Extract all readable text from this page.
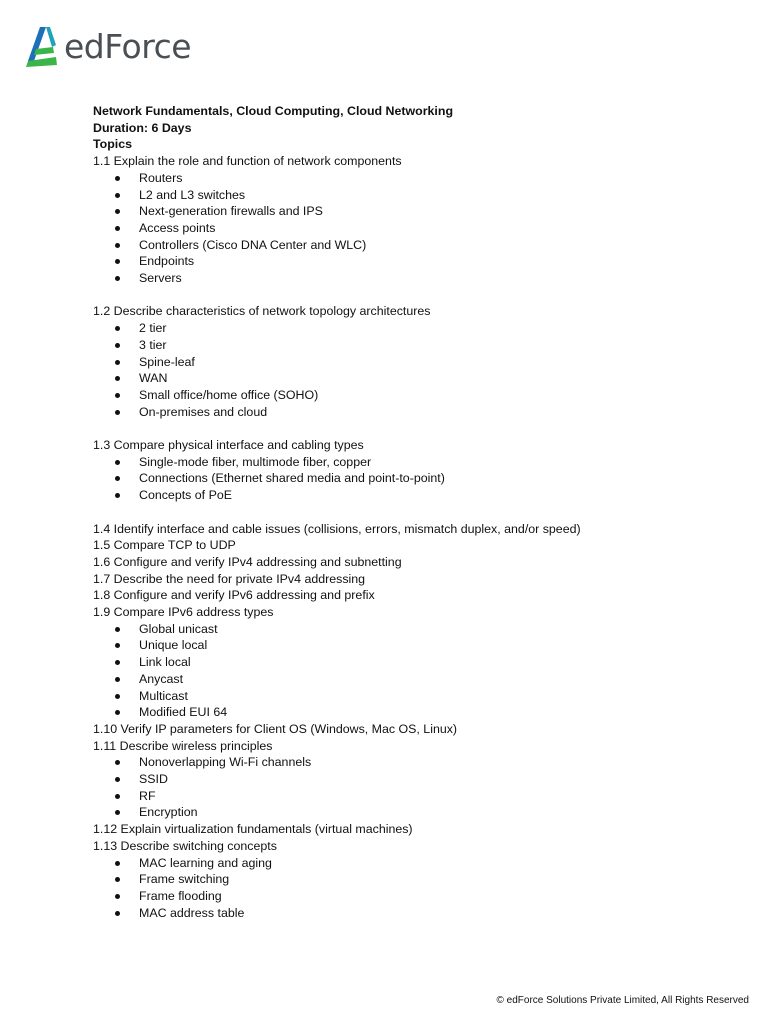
edForce
Network Fundamentals, Cloud Computing, Cloud Networking
Duration: 6 Days
Topics
1.1 Explain the role and function of network components
Routers
L2 and L3 switches
Next-generation firewalls and IPS
Access points
Controllers (Cisco DNA Center and WLC)
Endpoints
Servers
1.2 Describe characteristics of network topology architectures
2 tier
3 tier
Spine-leaf
WAN
Small office/home office (SOHO)
On-premises and cloud
1.3 Compare physical interface and cabling types
Single-mode fiber, multimode fiber, copper
Connections (Ethernet shared media and point-to-point)
Concepts of PoE
1.4 Identify interface and cable issues (collisions, errors, mismatch duplex, and/or speed)
1.5 Compare TCP to UDP
1.6 Configure and verify IPv4 addressing and subnetting
1.7 Describe the need for private IPv4 addressing
1.8 Configure and verify IPv6 addressing and prefix
1.9 Compare IPv6 address types
Global unicast
Unique local
Link local
Anycast
Multicast
Modified EUI 64
1.10 Verify IP parameters for Client OS (Windows, Mac OS, Linux)
1.11 Describe wireless principles
Nonoverlapping Wi-Fi channels
SSID
RF
Encryption
1.12 Explain virtualization fundamentals (virtual machines)
1.13 Describe switching concepts
MAC learning and aging
Frame switching
Frame flooding
MAC address table
© edForce Solutions Private Limited, All Rights Reserved
